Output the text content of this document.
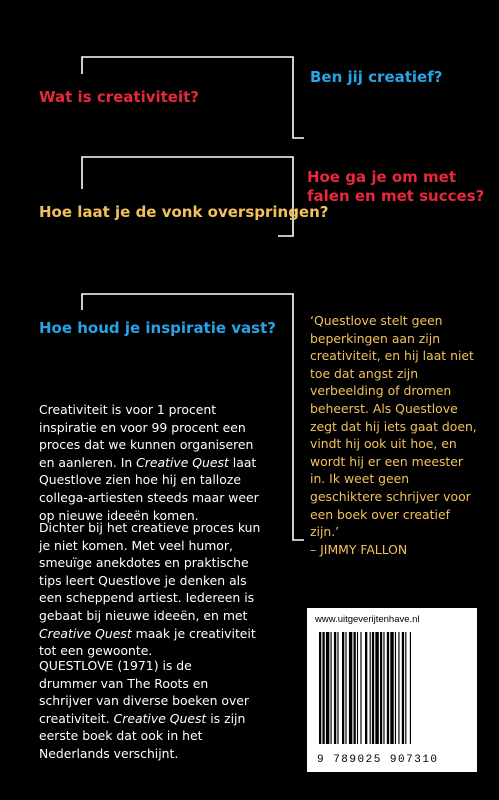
Wat is creativiteit?

Ben jij creatief?

Hoe ga je om met
falen en met succes?

Hoe laat je de vonk overspringen?

Hoe houd je inspiratie vast?

Creativiteit is voor 1 procent inspiratie en voor 99 procent een proces dat we kunnen organiseren en aanleren. In Creative Quest laat Questlove zien hoe hij en talloze collega-artiesten steeds maar weer op nieuwe ideeën komen.

Dichter bij het creatieve proces kun je niet komen. Met veel humor, smeuïge anekdotes en praktische tips leert Questlove je denken als een scheppend artiest. Iedereen is gebaat bij nieuwe ideeën, en met Creative Quest maak je creativiteit tot een gewoonte.

QUESTLOVE (1971) is de drummer van The Roots en schrijver van diverse boeken over creativiteit. Creative Quest is zijn eerste boek dat ook in het Nederlands verschijnt.

‘Questlove stelt geen beperkingen aan zijn creativiteit, en hij laat niet toe dat angst zijn verbeelding of dromen beheerst. Als Questlove zegt dat hij iets gaat doen, vindt hij ook uit hoe, en wordt hij er een meester in. Ik weet geen geschiktere schrijver voor een boek over creatief zijn.’
– JIMMY FALLON
www.uitgeverijtenhave.nl
9 789025 907310
